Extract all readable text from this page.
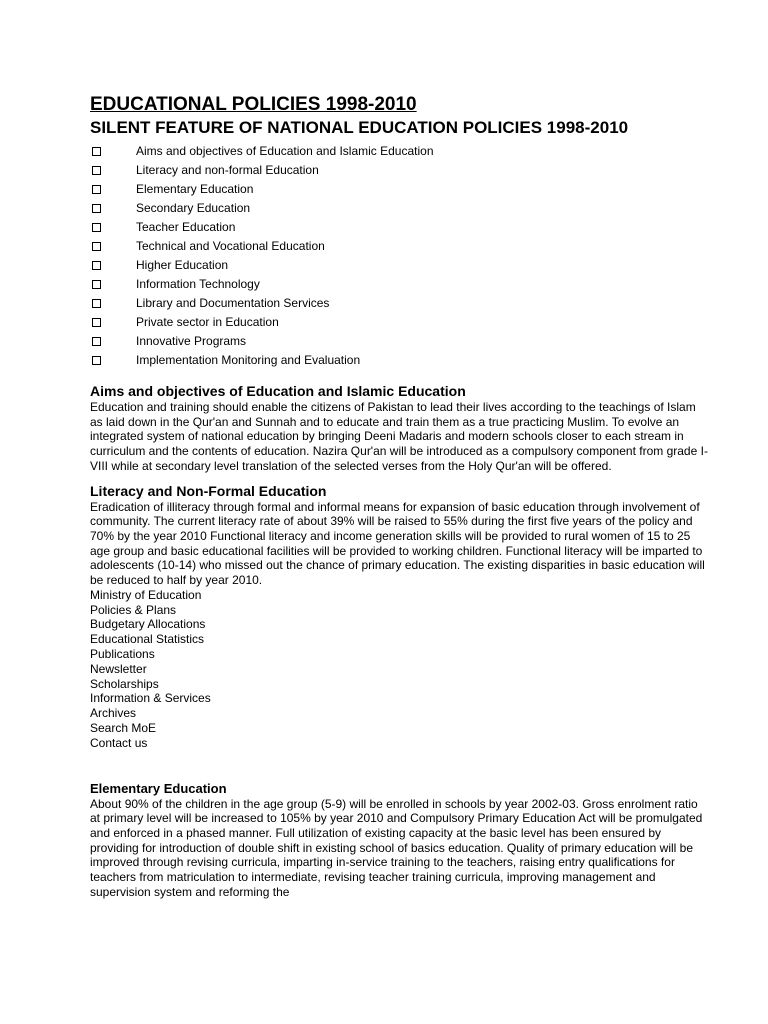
EDUCATIONAL POLICIES 1998-2010
SILENT FEATURE OF NATIONAL EDUCATION POLICIES 1998-2010
Aims and objectives of Education and Islamic Education
Literacy and non-formal Education
Elementary Education
Secondary Education
Teacher Education
Technical and Vocational Education
Higher Education
Information Technology
Library and Documentation Services
Private sector in Education
Innovative Programs
Implementation Monitoring and Evaluation
Aims and objectives of Education and Islamic Education

Education and training should enable the citizens of Pakistan to lead their lives according to the teachings of Islam as laid down in the Qur'an and Sunnah and to educate and train them as a true practicing Muslim. To evolve an integrated system of national education by bringing Deeni Madaris and modern schools closer to each stream in curriculum and the contents of education. Nazira Qur'an will be introduced as a compulsory component from grade I-VIII while at secondary level translation of the selected verses from the Holy Qur'an will be offered.

Literacy and Non-Formal Education

Eradication of illiteracy through formal and informal means for expansion of basic education through involvement of community. The current literacy rate of about 39% will be raised to 55% during the first five years of the policy and 70% by the year 2010 Functional literacy and income generation skills will be provided to rural women of 15 to 25 age group and basic educational facilities will be provided to working children. Functional literacy will be imparted to adolescents (10-14) who missed out the chance of primary education. The existing disparities in basic education will be reduced to half by year 2010.

Ministry of Education
Policies & Plans
Budgetary Allocations
Educational Statistics
Publications
Newsletter
Scholarships
Information & Services
Archives
Search MoE
Contact us
Elementary Education

About 90% of the children in the age group (5-9) will be enrolled in schools by year 2002-03. Gross enrolment ratio at primary level will be increased to 105% by year 2010 and Compulsory Primary Education Act will be promulgated and enforced in a phased manner. Full utilization of existing capacity at the basic level has been ensured by providing for introduction of double shift in existing school of basics education. Quality of primary education will be improved through revising curricula, imparting in-service training to the teachers, raising entry qualifications for teachers from matriculation to intermediate, revising teacher training curricula, improving management and supervision system and reforming the
